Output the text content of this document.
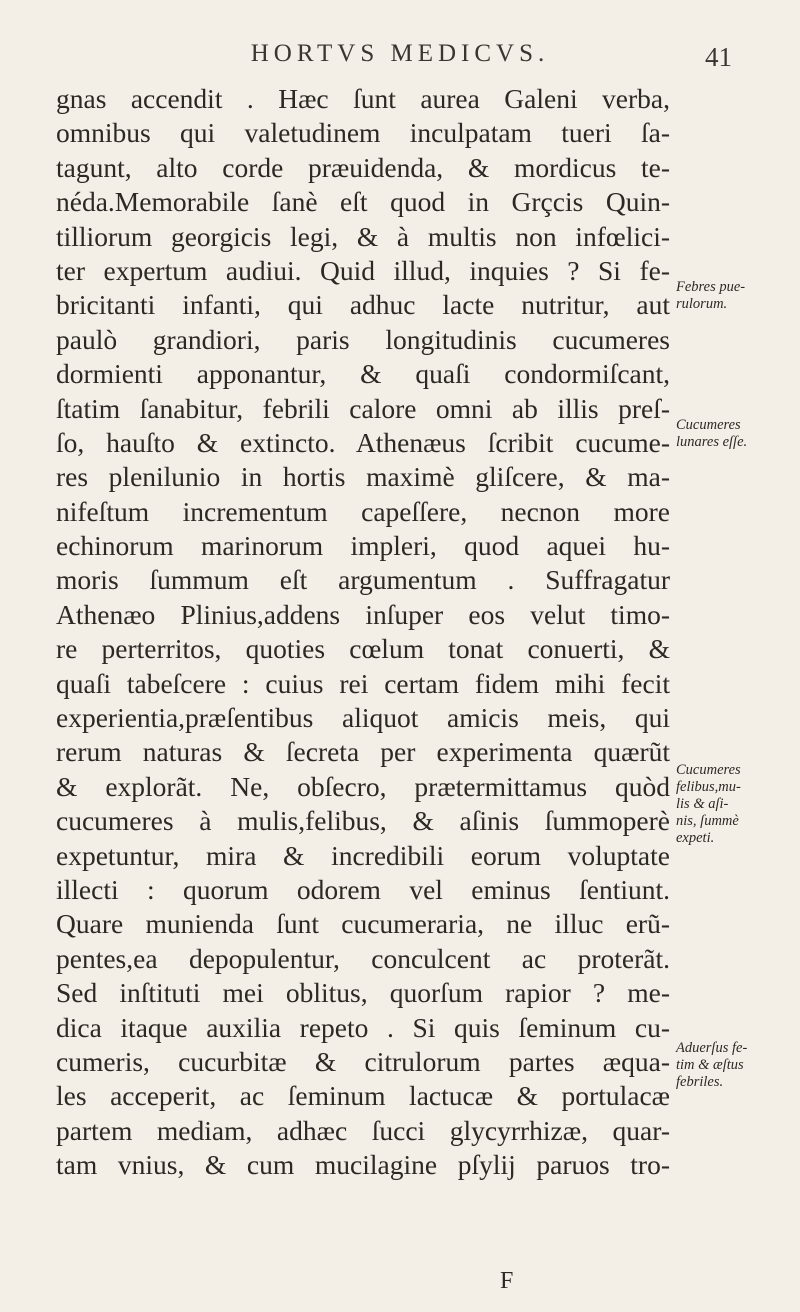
HORTVS MEDICVS.	41
gnas accendit . Hæc ſunt aurea Galeni verba,
omnibus qui valetudinem inculpatam tueri ſa-
tagunt, alto corde præuidenda, & mordicus te-
néda.Memorabile ſanè eſt quod in Grçcis Quin-
tilliorum georgicis legi, & à multis non infœlici-
ter expertum audiui. Quid illud, inquies ? Si fe-
bricitanti infanti, qui adhuc lacte nutritur, aut
paulò grandiori, paris longitudinis cucumeres
dormienti apponantur, & quaſi condormiſcant,
ſtatim ſanabitur, febrili calore omni ab illis preſ-
ſo, hauſto & extincto. Athenæus ſcribit cucume-
res plenilunio in hortis maximè gliſcere, & ma-
nifeſtum incrementum capeſſere, necnon more
echinorum marinorum impleri, quod aquei hu-
moris ſummum eſt argumentum . Suffragatur
Athenæo Plinius,addens inſuper eos velut timo-
re perterritos, quoties cœlum tonat conuerti, &
quaſi tabeſcere : cuius rei certam fidem mihi fecit
experientia,præſentibus aliquot amicis meis, qui
rerum naturas & ſecreta per experimenta quærũt
& explorãt. Ne, obſecro, prætermittamus quòd
cucumeres à mulis,felibus, & aſinis ſummoperè
expetuntur, mira & incredibili eorum voluptate
illecti : quorum odorem vel eminus ſentiunt.
Quare munienda ſunt cucumeraria, ne illuc erũ-
pentes,ea depopulentur, conculcent ac proterãt.
Sed inſtituti mei oblitus, quorſum rapior ? me-
dica itaque auxilia repeto . Si quis ſeminum cu-
cumeris, cucurbitæ & citrulorum partes æqua-
les acceperit, ac ſeminum lactucæ & portulacæ
partem mediam, adhæc ſucci glycyrrhizæ, quar-
tam vnius, & cum mucilagine pſylij paruos tro-
Febres pue-
rulorum.
Cucumeres
lunares eſſe.
Cucumeres
felibus,mu-
lis & aſi-
nis, ſummè
expeti.
Aduerſus fe-
tim & æſtus
febriles.
F
